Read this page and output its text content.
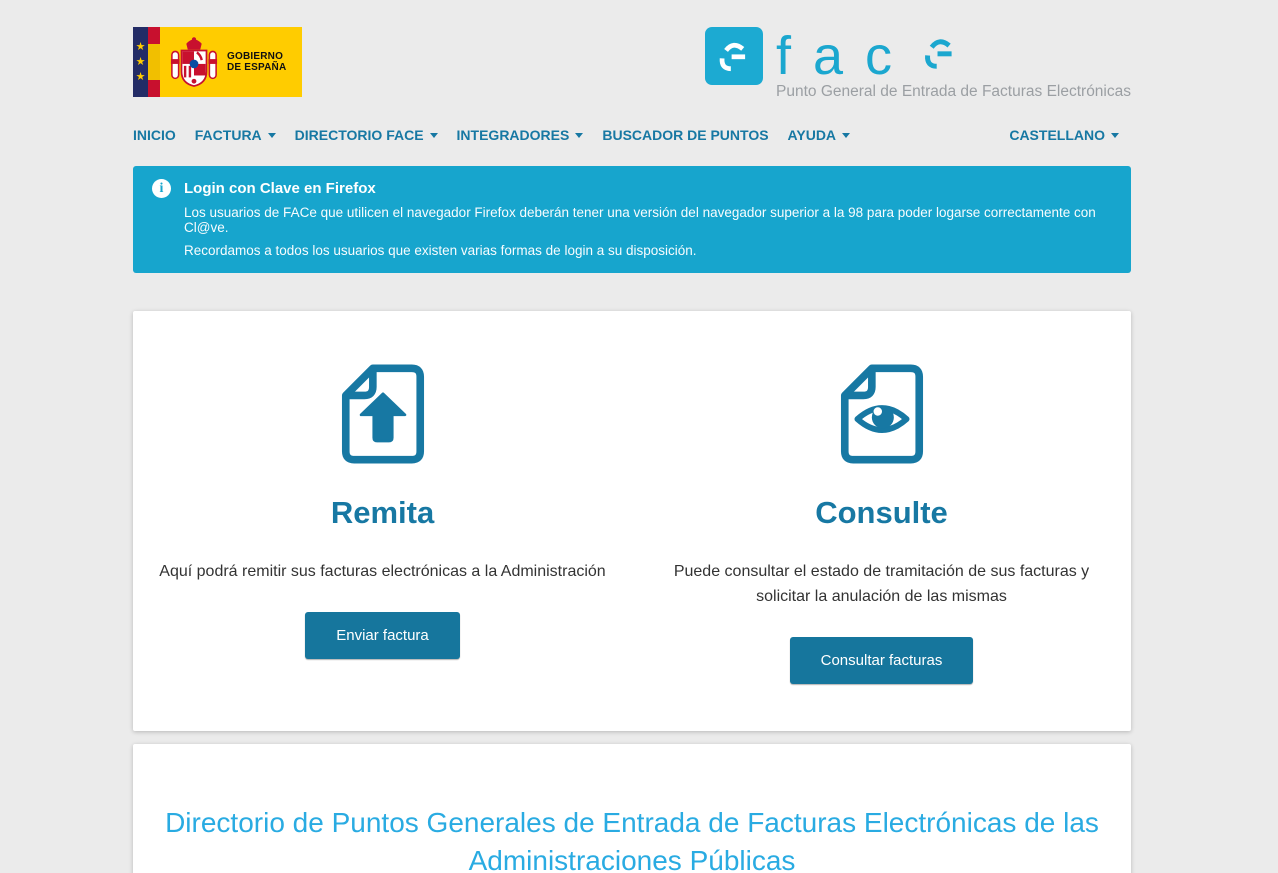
★
★
★
GOBIERNO
DE ESPAÑA	fac
Punto General de Entrada de Facturas Electrónicas
INICIO FACTURA DIRECTORIO FACE INTEGRADORES BUSCADOR DE PUNTOS AYUDA	CASTELLANO
i	Login con Clave en Firefox
Los usuarios de FACe que utilicen el navegador Firefox deberán tener una versión del navegador superior a la 98 para poder logarse correctamente con Cl@ve.
Recordamos a todos los usuarios que existen varias formas de login a su disposición.
Remita

Aquí podrá remitir sus facturas electrónicas a la Administración

Enviar factura
Consulte

Puede consultar el estado de tramitación de sus facturas y solicitar la anulación de las mismas

Consultar facturas
Directorio de Puntos Generales de Entrada de Facturas Electrónicas de las Administraciones Públicas
